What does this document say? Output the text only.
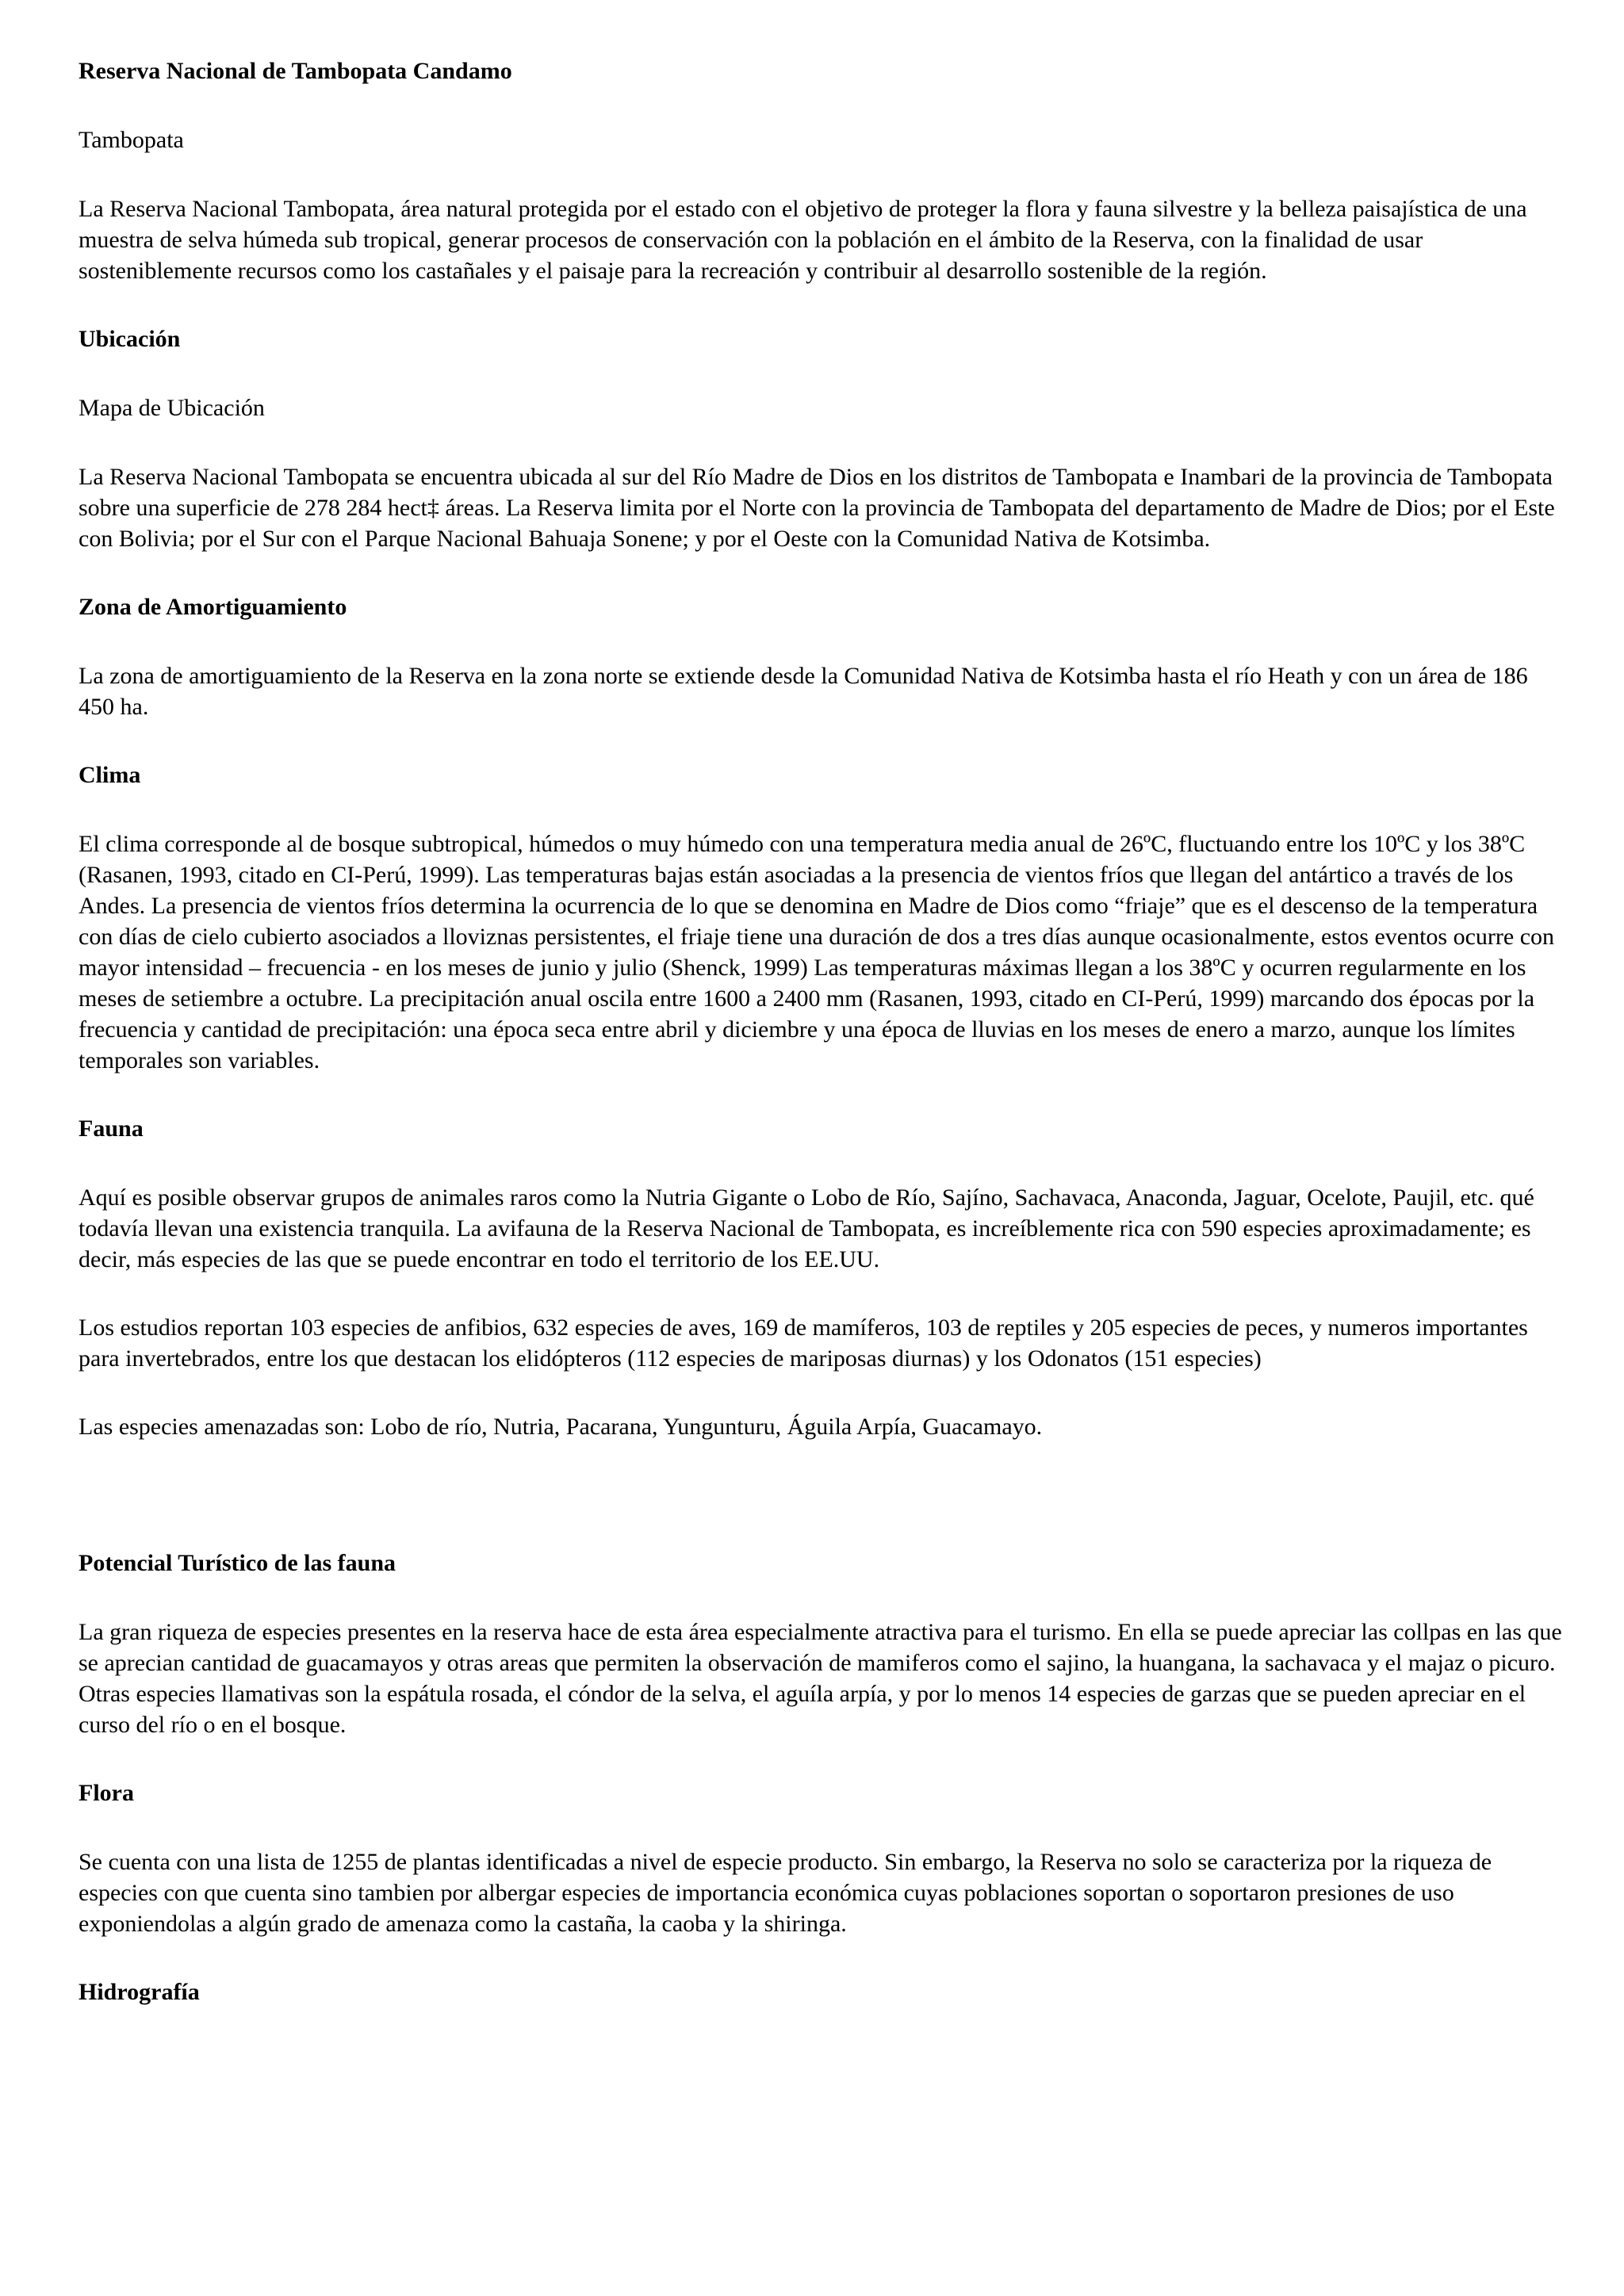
Reserva Nacional de Tambopata Candamo
Tambopata

La Reserva Nacional Tambopata, área natural protegida por el estado con el objetivo de proteger la flora y fauna silvestre y la belleza paisajística de una muestra de selva húmeda sub tropical, generar procesos de conservación con la población en el ámbito de la Reserva, con la finalidad de usar sosteniblemente recursos como los castañales y el paisaje para la recreación y contribuir al desarrollo sostenible de la región.

Ubicación
Mapa de Ubicación

La Reserva Nacional Tambopata se encuentra ubicada al sur del Río Madre de Dios en los distritos de Tambopata e Inambari de la provincia de Tambopata sobre una superficie de 278 284 hect‡ áreas. La Reserva limita por el Norte con la provincia de Tambopata del departamento de Madre de Dios; por el Este con Bolivia; por el Sur con el Parque Nacional Bahuaja Sonene; y por el Oeste con la Comunidad Nativa de Kotsimba.

Zona de Amortiguamiento

La zona de amortiguamiento de la Reserva en la zona norte se extiende desde la Comunidad Nativa de Kotsimba hasta el río Heath y con un área de 186 450 ha.

Clima

El clima corresponde al de bosque subtropical, húmedos o muy húmedo con una temperatura media anual de 26ºC, fluctuando entre los 10ºC y los 38ºC (Rasanen, 1993, citado en CI-Perú, 1999). Las temperaturas bajas están asociadas a la presencia de vientos fríos que llegan del antártico a través de los Andes. La presencia de vientos fríos determina la ocurrencia de lo que se denomina en Madre de Dios como “friaje” que es el descenso de la temperatura con días de cielo cubierto asociados a lloviznas persistentes, el friaje tiene una duración de dos a tres días aunque ocasionalmente, estos eventos ocurre con mayor intensidad – frecuencia - en los meses de junio y julio (Shenck, 1999) Las temperaturas máximas llegan a los 38ºC y ocurren regularmente en los meses de setiembre a octubre. La precipitación anual oscila entre 1600 a 2400 mm (Rasanen, 1993, citado en CI-Perú, 1999) marcando dos épocas por la frecuencia y cantidad de precipitación: una época seca entre abril y diciembre y una época de lluvias en los meses de enero a marzo, aunque los límites temporales son variables.

Fauna

Aquí es posible observar grupos de animales raros como la Nutria Gigante o Lobo de Río, Sajíno, Sachavaca, Anaconda, Jaguar, Ocelote, Paujil, etc. qué todavía llevan una existencia tranquila. La avifauna de la Reserva Nacional de Tambopata, es increíblemente rica con 590 especies aproximadamente; es decir, más especies de las que se puede encontrar en todo el territorio de los EE.UU.

Los estudios reportan 103 especies de anfibios, 632 especies de aves, 169 de mamíferos, 103 de reptiles y 205 especies de peces, y numeros importantes para invertebrados, entre los que destacan los elidópteros (112 especies de mariposas diurnas) y los Odonatos (151 especies)

Las especies amenazadas son: Lobo de río, Nutria, Pacarana, Yungunturu, Águila Arpía, Guacamayo.

Potencial Turístico de las fauna

La gran riqueza de especies presentes en la reserva hace de esta área especialmente atractiva para el turismo. En ella se puede apreciar las collpas en las que se aprecian cantidad de guacamayos y otras areas que permiten la observación de mamiferos como el sajino, la huangana, la sachavaca y el majaz o picuro. Otras especies llamativas son la espátula rosada, el cóndor de la selva, el aguíla arpía, y por lo menos 14 especies de garzas que se pueden apreciar en el curso del río o en el bosque.

Flora

Se cuenta con una lista de 1255 de plantas identificadas a nivel de especie producto. Sin embargo, la Reserva no solo se caracteriza por la riqueza de especies con que cuenta sino tambien por albergar especies de importancia económica cuyas poblaciones soportan o soportaron presiones de uso exponiendolas a algún grado de amenaza como la castaña, la caoba y la shiringa.

Hidrografía
